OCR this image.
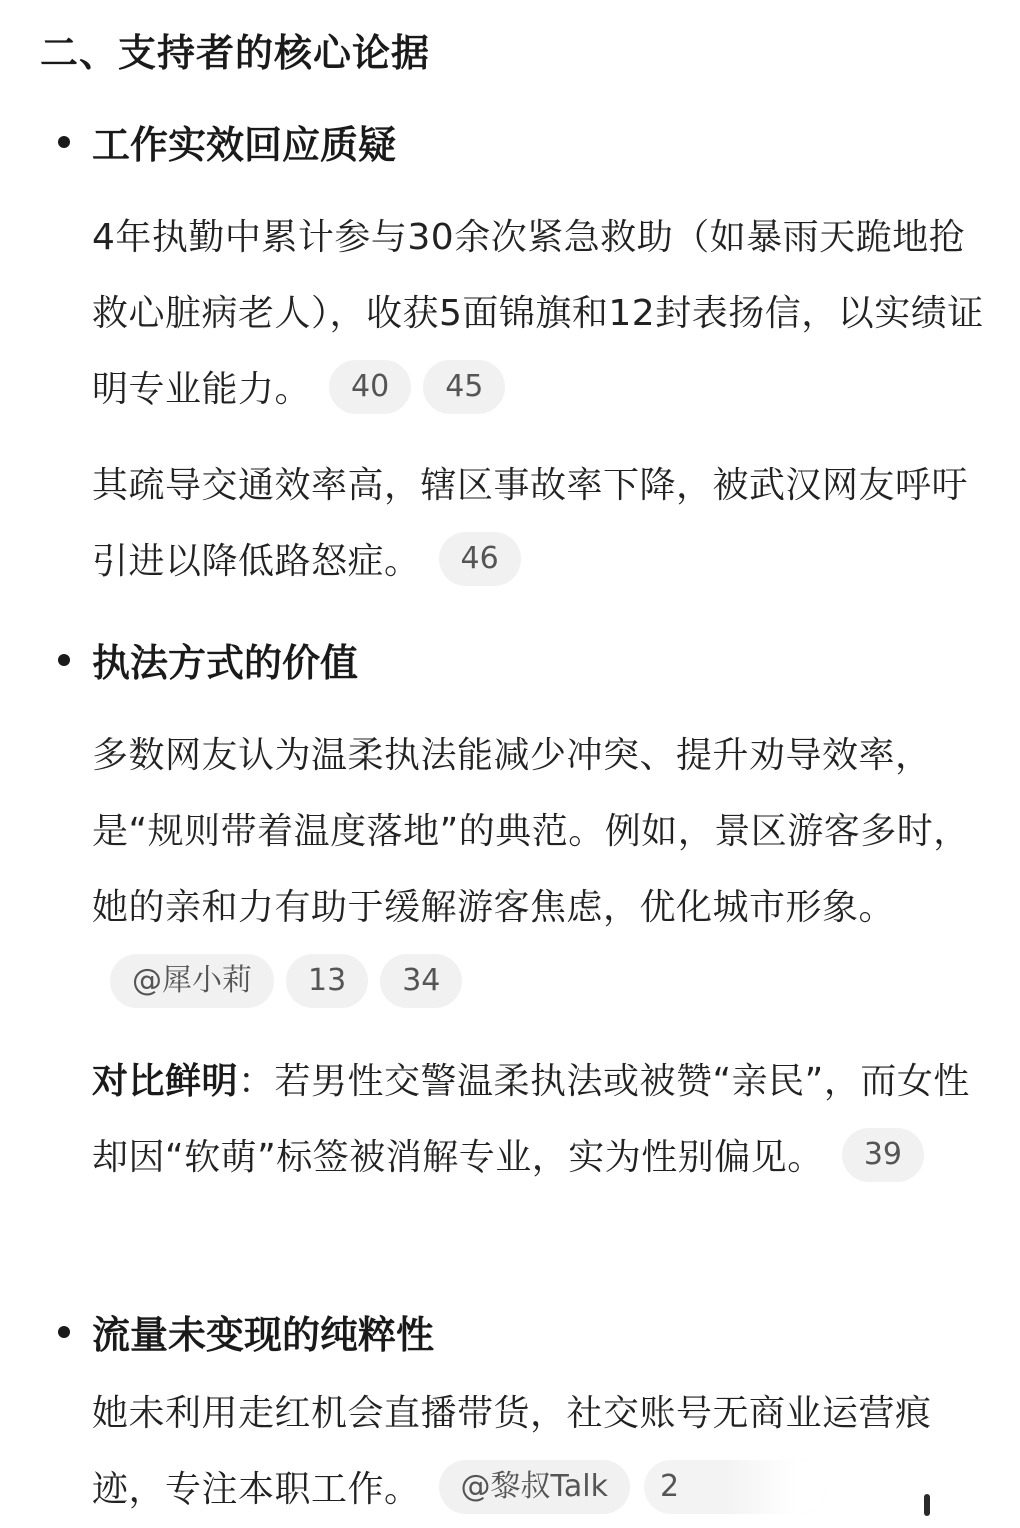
二、支持者的核心论据
工作实效回应质疑
4年执勤中累计参与30余次紧急救助（如暴雨天跪地抢救心脏病老人），收获5面锦旗和12封表扬信，以实绩证明专业能力。 40 45
其疏导交通效率高，辖区事故率下降，被武汉网友呼吁引进以降低路怒症。 46
执法方式的价值
多数网友认为温柔执法能减少冲突、提升劝导效率，是“规则带着温度落地”的典范。例如，景区游客多时，她的亲和力有助于缓解游客焦虑，优化城市形象。@犀小莉 13 34
对比鲜明：若男性交警温柔执法或被赞“亲民”，而女性却因“软萌”标签被消解专业，实为性别偏见。 39
流量未变现的纯粹性
她未利用走红机会直播带货，社交账号无商业运营痕迹，专注本职工作。 @黎叔Talk 2
